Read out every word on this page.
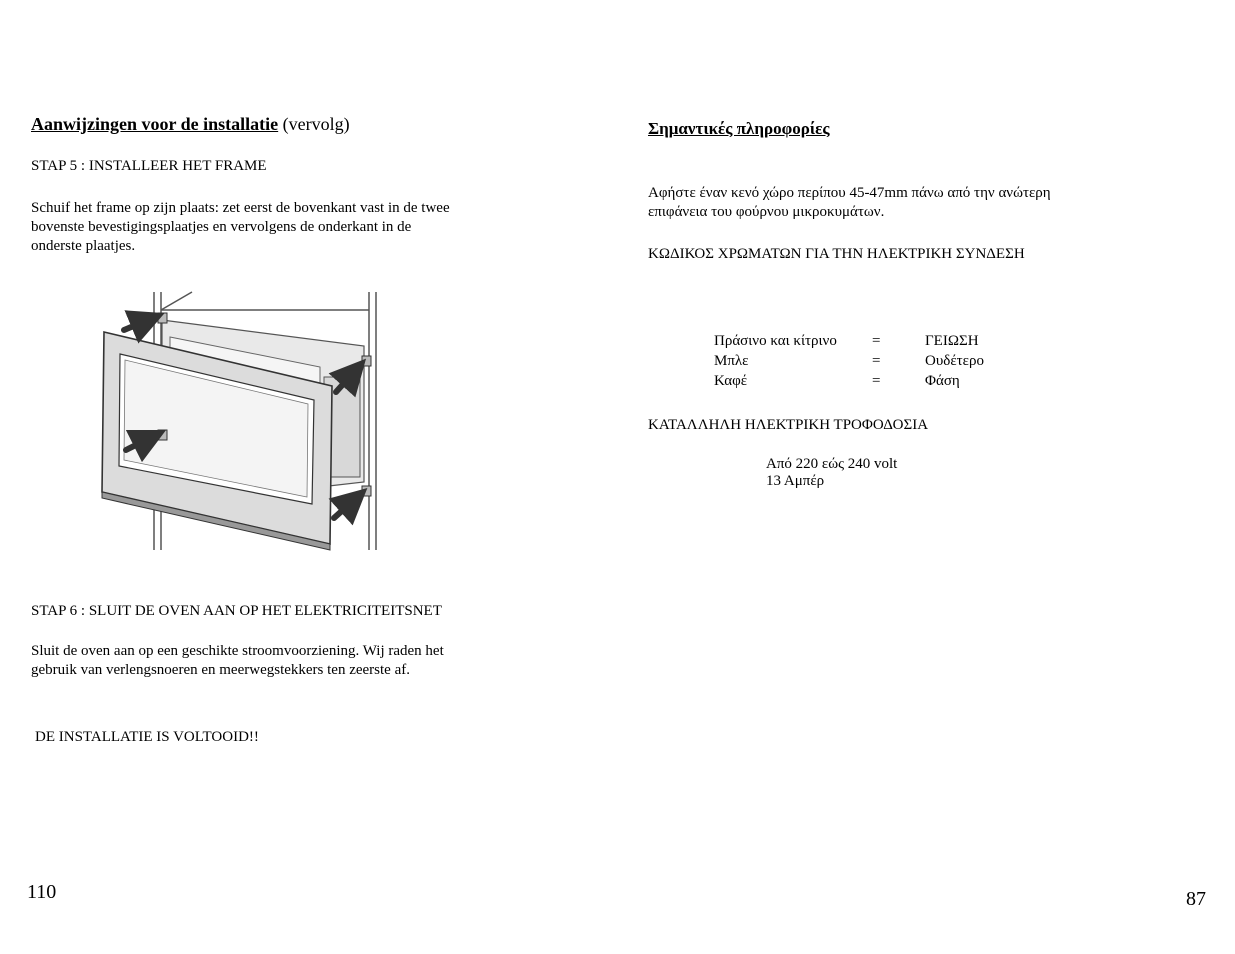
Aanwijzingen voor de installatie (vervolg)
STAP 5 : INSTALLEER HET FRAME
Schuif het frame op zijn plaats: zet eerst de bovenkant vast in de twee
bovenste bevestigingsplaatjes en vervolgens de onderkant in de
onderste plaatjes.
STAP 6 : SLUIT DE OVEN AAN OP HET ELEKTRICITEITSNET
Sluit de oven aan op een geschikte stroomvoorziening. Wij raden het
gebruik van verlengsnoeren en meerwegstekkers ten zeerste af.
DE INSTALLATIE IS VOLTOOID!!
110
Σημαντικές πληροφορίες
Αφήστε έναν κενό χώρο περίπου 45-47mm πάνω από την ανώτερη
επιφάνεια του φούρνου μικροκυμάτων.
ΚΩΔΙΚΟΣ ΧΡΩΜΑΤΩΝ ΓΙΑ ΤΗΝ ΗΛΕΚΤΡΙΚΗ ΣΥΝΔΕΣΗ
Πράσινο και κίτρινο =	ΓΕΙΩΣΗ
Μπλε	=	Ουδέτερο
Καφέ	=	Φάση
ΚΑΤΑΛΛΗΛΗ ΗΛΕΚΤΡΙΚΗ ΤΡΟΦΟΔΟΣΙΑ
Από 220 εώς 240 volt
13 Αμπέρ
87
